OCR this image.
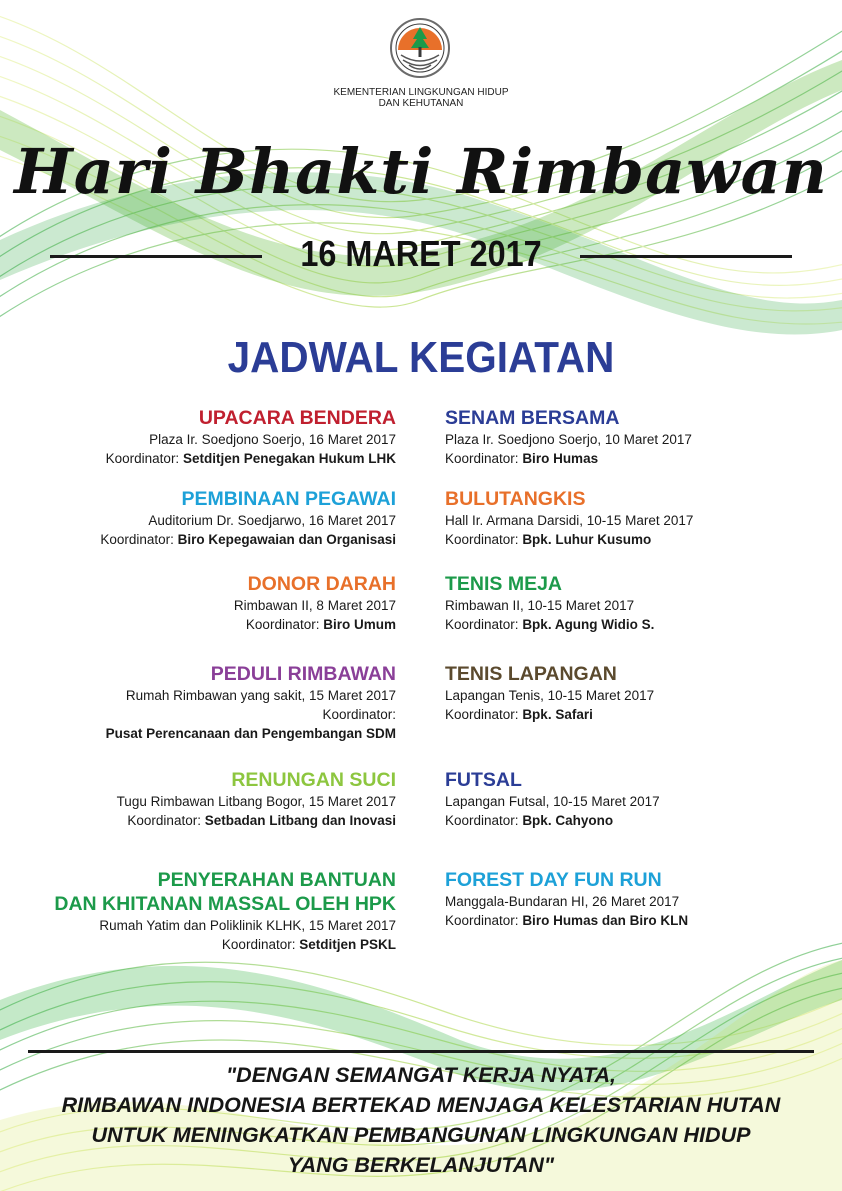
KEMENTERIAN LINGKUNGAN HIDUP
DAN KEHUTANAN
Hari Bhakti Rimbawan
16 MARET 2017
JADWAL KEGIATAN
UPACARA BENDERA
Plaza Ir. Soedjono Soerjo, 16 Maret 2017
Koordinator: Setditjen Penegakan Hukum LHK
PEMBINAAN PEGAWAI
Auditorium Dr. Soedjarwo, 16 Maret 2017
Koordinator: Biro Kepegawaian dan Organisasi
DONOR DARAH
Rimbawan II, 8 Maret 2017
Koordinator: Biro Umum
PEDULI RIMBAWAN
Rumah Rimbawan yang sakit, 15 Maret 2017
Koordinator:
Pusat Perencanaan dan Pengembangan SDM
RENUNGAN SUCI
Tugu Rimbawan Litbang Bogor, 15 Maret 2017
Koordinator: Setbadan Litbang dan Inovasi
PENYERAHAN BANTUAN
DAN KHITANAN MASSAL OLEH HPK
Rumah Yatim dan Poliklinik KLHK, 15 Maret 2017
Koordinator: Setditjen PSKL
SENAM BERSAMA
Plaza Ir. Soedjono Soerjo, 10 Maret 2017
Koordinator: Biro Humas
BULUTANGKIS
Hall Ir. Armana Darsidi, 10-15 Maret 2017
Koordinator: Bpk. Luhur Kusumo
TENIS MEJA
Rimbawan II, 10-15 Maret 2017
Koordinator: Bpk. Agung Widio S.
TENIS LAPANGAN
Lapangan Tenis, 10-15 Maret 2017
Koordinator: Bpk. Safari
FUTSAL
Lapangan Futsal, 10-15 Maret 2017
Koordinator: Bpk. Cahyono
FOREST DAY FUN RUN
Manggala-Bundaran HI, 26 Maret 2017
Koordinator: Biro Humas dan Biro KLN
"DENGAN SEMANGAT KERJA NYATA,
RIMBAWAN INDONESIA BERTEKAD MENJAGA KELESTARIAN HUTAN
UNTUK MENINGKATKAN PEMBANGUNAN LINGKUNGAN HIDUP
YANG BERKELANJUTAN"
